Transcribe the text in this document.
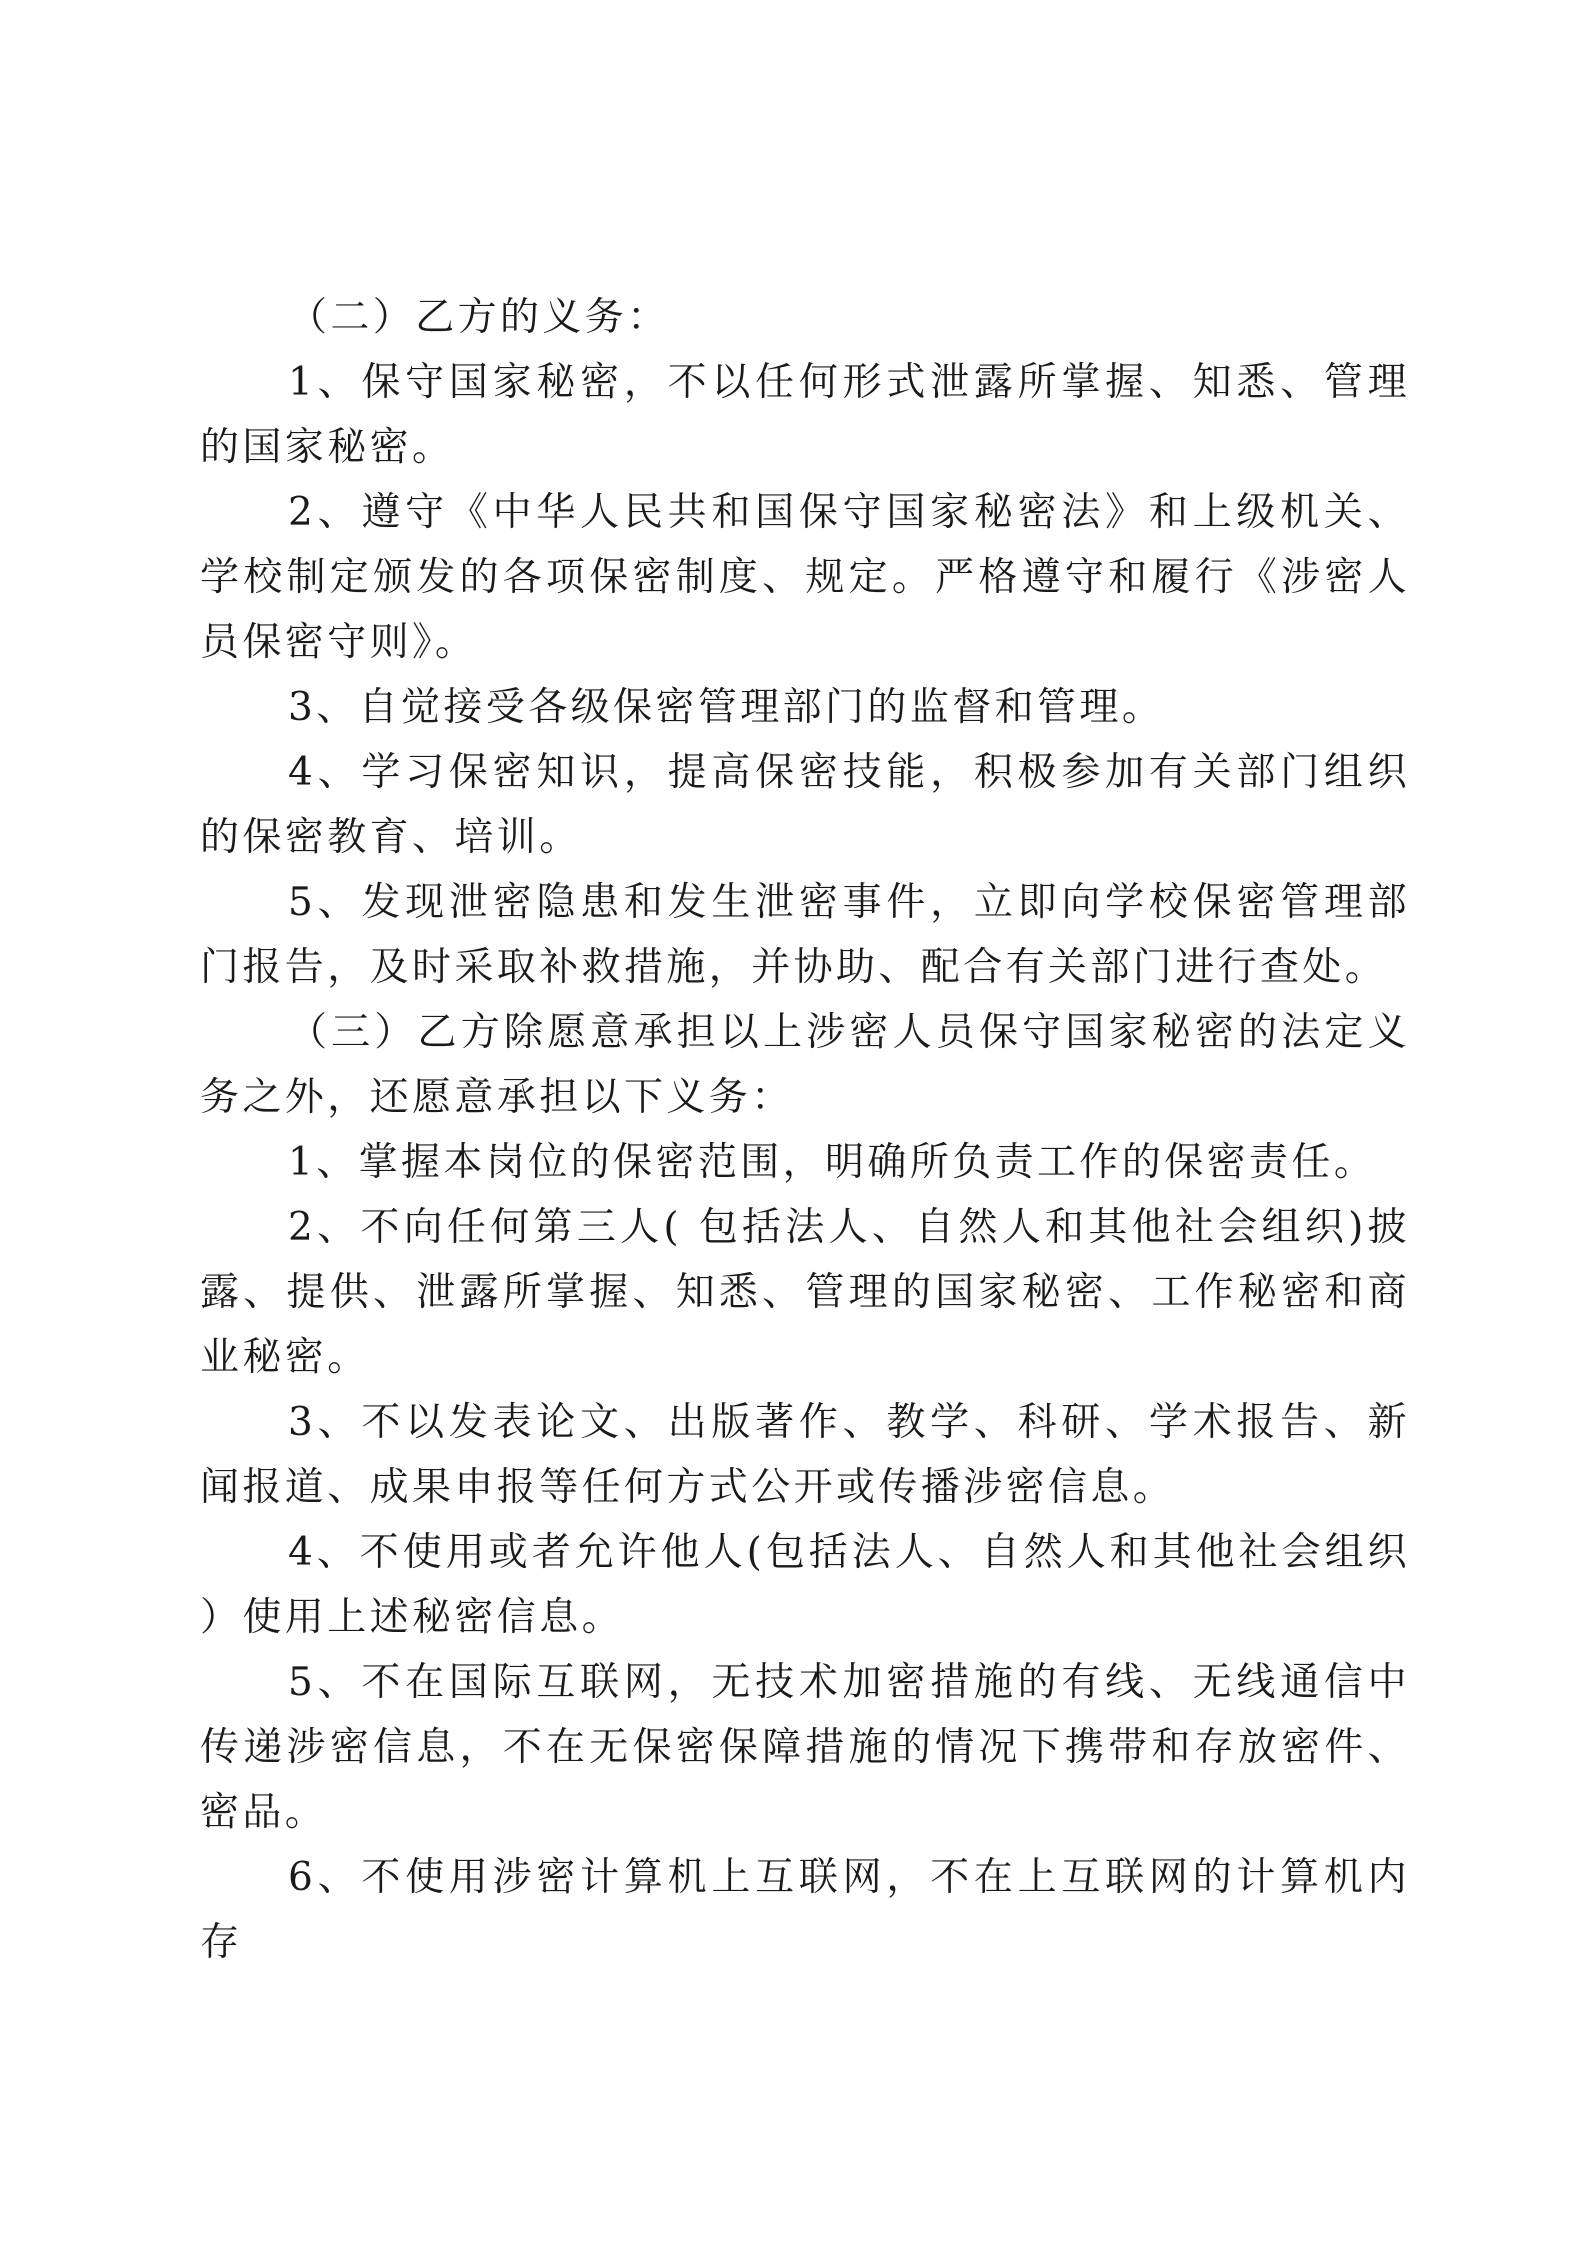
（二）乙方的义务：

1、保守国家秘密，不以任何形式泄露所掌握、知悉、管理的国家秘密。

2、遵守《中华人民共和国保守国家秘密法》和上级机关、学校制定颁发的各项保密制度、规定。严格遵守和履行《涉密人员保密守则》。

3、自觉接受各级保密管理部门的监督和管理。

4、学习保密知识，提高保密技能，积极参加有关部门组织的保密教育、培训。

5、发现泄密隐患和发生泄密事件，立即向学校保密管理部门报告，及时采取补救措施，并协助、配合有关部门进行查处。

（三）乙方除愿意承担以上涉密人员保守国家秘密的法定义务之外，还愿意承担以下义务：

1、掌握本岗位的保密范围，明确所负责工作的保密责任。

2、不向任何第三人( 包括法人、自然人和其他社会组织)披露、提供、泄露所掌握、知悉、管理的国家秘密、工作秘密和商业秘密。

3、不以发表论文、出版著作、教学、科研、学术报告、新闻报道、成果申报等任何方式公开或传播涉密信息。

4、不使用或者允许他人(包括法人、自然人和其他社会组织 ）使用上述秘密信息。

5、不在国际互联网，无技术加密措施的有线、无线通信中传递涉密信息，不在无保密保障措施的情况下携带和存放密件、密品。

6、不使用涉密计算机上互联网，不在上互联网的计算机内存
